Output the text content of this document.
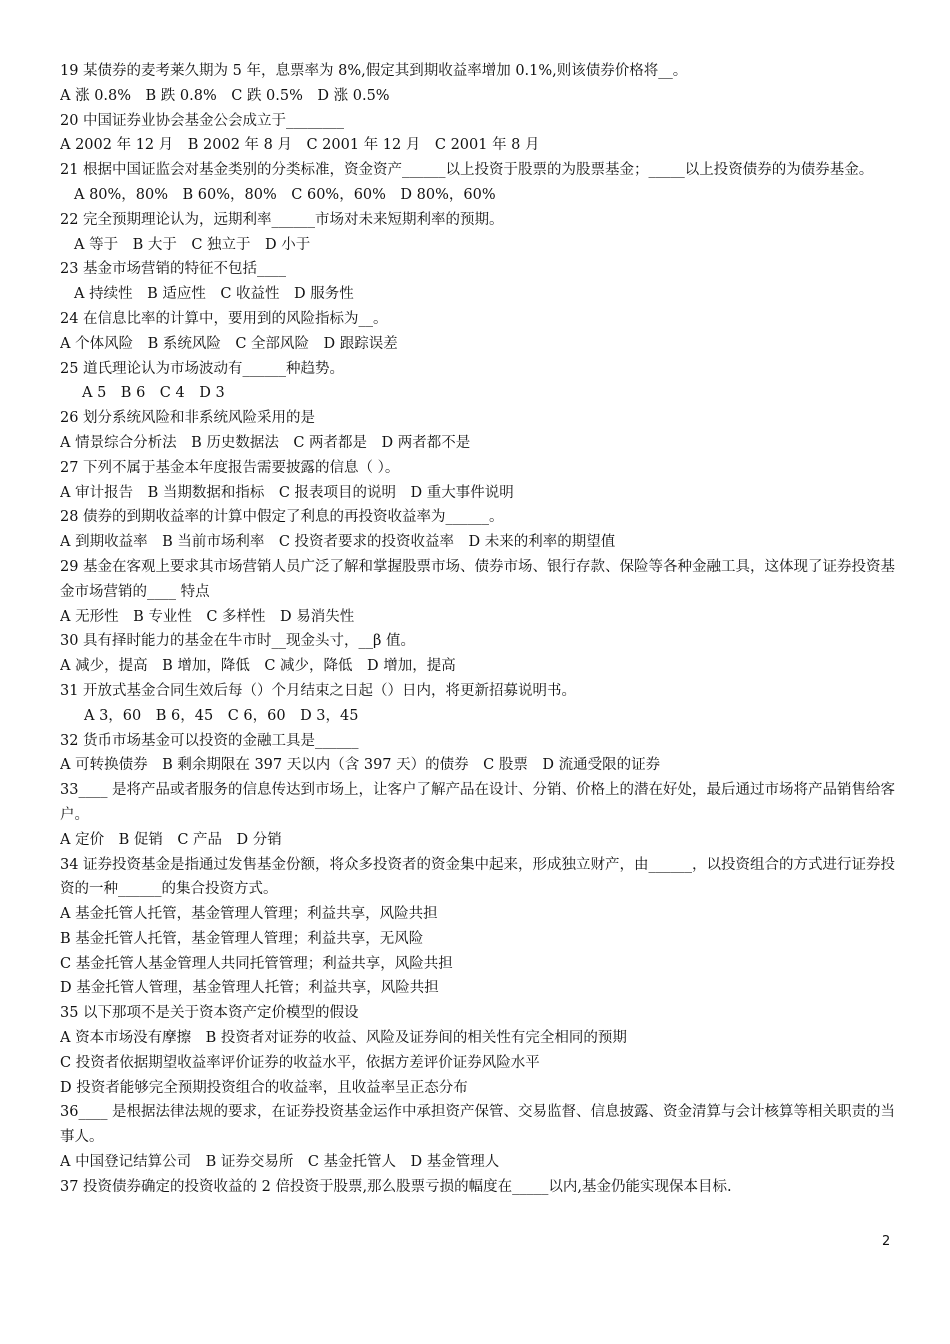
19 某债券的麦考莱久期为 5 年，息票率为 8%,假定其到期收益率增加 0.1%,则该债券价格将__。
A 涨 0.8%　B 跌 0.8%　C 跌 0.5%　D 涨 0.5%
20 中国证券业协会基金公会成立于________
A 2002 年 12 月　B 2002 年 8 月　C 2001 年 12 月　C 2001 年 8 月
21 根据中国证监会对基金类别的分类标准，资金资产______以上投资于股票的为股票基金；_____以上投资债券的为债券基金。
A 80%，80%　B 60%，80%　C 60%，60%　D 80%，60%
22 完全预期理论认为，远期利率______市场对未来短期利率的预期。
A 等于　B 大于　C 独立于　D 小于
23 基金市场营销的特征不包括____
A 持续性　B 适应性　C 收益性　D 服务性
24 在信息比率的计算中，要用到的风险指标为__。
A 个体风险　B 系统风险　C 全部风险　D 跟踪误差
25 道氏理论认为市场波动有______种趋势。
A 5　B 6　C 4　D 3
26 划分系统风险和非系统风险采用的是
A 情景综合分析法　B 历史数据法　C 两者都是　D 两者都不是
27 下列不属于基金本年度报告需要披露的信息（ ）。
A 审计报告　B 当期数据和指标　C 报表项目的说明　D 重大事件说明
28 债券的到期收益率的计算中假定了利息的再投资收益率为______。
A 到期收益率　B 当前市场利率　C 投资者要求的投资收益率　D 未来的利率的期望值
29 基金在客观上要求其市场营销人员广泛了解和掌握股票市场、债券市场、银行存款、保险等各种金融工具，这体现了证券投资基金市场营销的____ 特点
A 无形性　B 专业性　C 多样性　D 易消失性
30 具有择时能力的基金在牛市时__现金头寸，__β 值。
A 减少，提高　B 增加，降低　C 减少，降低　D 增加，提高
31 开放式基金合同生效后每（）个月结束之日起（）日内，将更新招募说明书。
A 3，60　B 6，45　C 6，60　D 3，45
32 货币市场基金可以投资的金融工具是______
A 可转换债券　B 剩余期限在 397 天以内（含 397 天）的债券　C 股票　D 流通受限的证券
33____ 是将产品或者服务的信息传达到市场上，让客户了解产品在设计、分销、价格上的潜在好处，最后通过市场将产品销售给客户。
A 定价　B 促销　C 产品　D 分销
34 证券投资基金是指通过发售基金份额，将众多投资者的资金集中起来，形成独立财产，由______，以投资组合的方式进行证券投资的一种______的集合投资方式。
A 基金托管人托管，基金管理人管理；利益共享，风险共担
B 基金托管人托管，基金管理人管理；利益共享，无风险
C 基金托管人基金管理人共同托管管理；利益共享，风险共担
D 基金托管人管理，基金管理人托管；利益共享，风险共担
35 以下那项不是关于资本资产定价模型的假设
A 资本市场没有摩擦　B 投资者对证券的收益、风险及证券间的相关性有完全相同的预期
C 投资者依据期望收益率评价证券的收益水平，依据方差评价证券风险水平
D 投资者能够完全预期投资组合的收益率，且收益率呈正态分布
36____ 是根据法律法规的要求，在证券投资基金运作中承担资产保管、交易监督、信息披露、资金清算与会计核算等相关职责的当事人。
A 中国登记结算公司　B 证券交易所　C 基金托管人　D 基金管理人
37 投资债券确定的投资收益的 2 倍投资于股票,那么股票亏损的幅度在_____以内,基金仍能实现保本目标.
2
